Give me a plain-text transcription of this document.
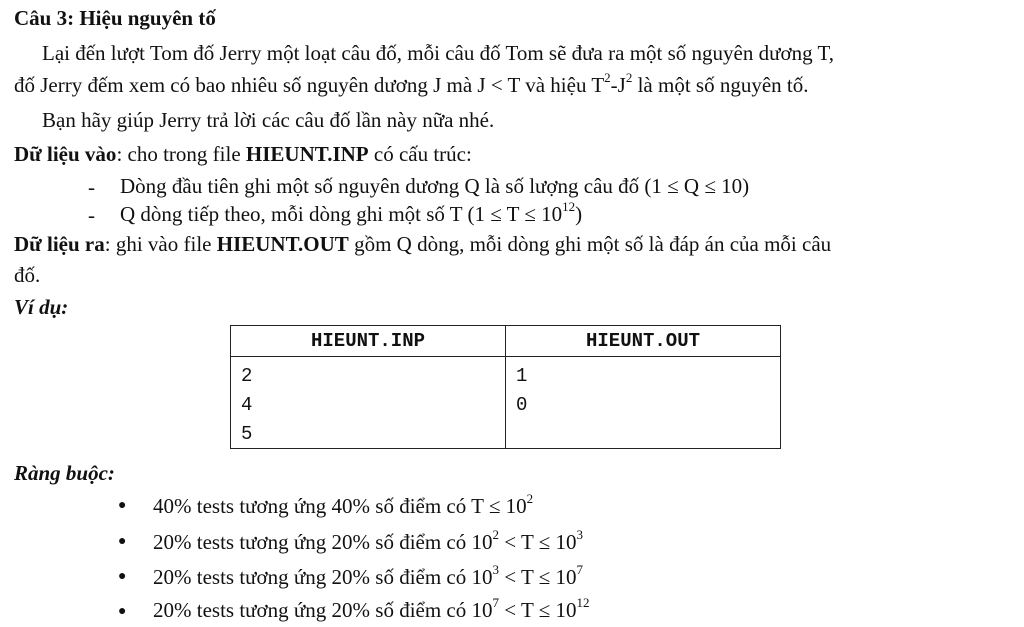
Câu 3: Hiệu nguyên tố
Lại đến lượt Tom đố Jerry một loạt câu đố, mỗi câu đố Tom sẽ đưa ra một số nguyên dương T,
đố Jerry đếm xem có bao nhiêu số nguyên dương J mà J < T và hiệu $T^2-J^2$ là một số nguyên tố.
Bạn hãy giúp Jerry trả lời các câu đố lần này nữa nhé.
Dữ liệu vào: cho trong file HIEUNT.INP có cấu trúc:
- Dòng đầu tiên ghi một số nguyên dương Q là số lượng câu đố (1 ≤ Q ≤ 10)
- Q dòng tiếp theo, mỗi dòng ghi một số T $(1 \le T \le 10^{12})$
Dữ liệu ra: ghi vào file HIEUNT.OUT gồm Q dòng, mỗi dòng ghi một số là đáp án của mỗi câu
đố.
Ví dụ:
HIEUNT.INP	HIEUNT.OUT
2	1
4	0
5	
Ràng buộc:
● 40% tests tương ứng 40% số điểm có $T \le 10^2$
● 20% tests tương ứng 20% số điểm có $10^2 < T \le 10^3$
● 20% tests tương ứng 20% số điểm có $10^3 < T \le 10^7$
● 20% tests tương ứng 20% số điểm có $10^7 < T \le 10^{12}$
